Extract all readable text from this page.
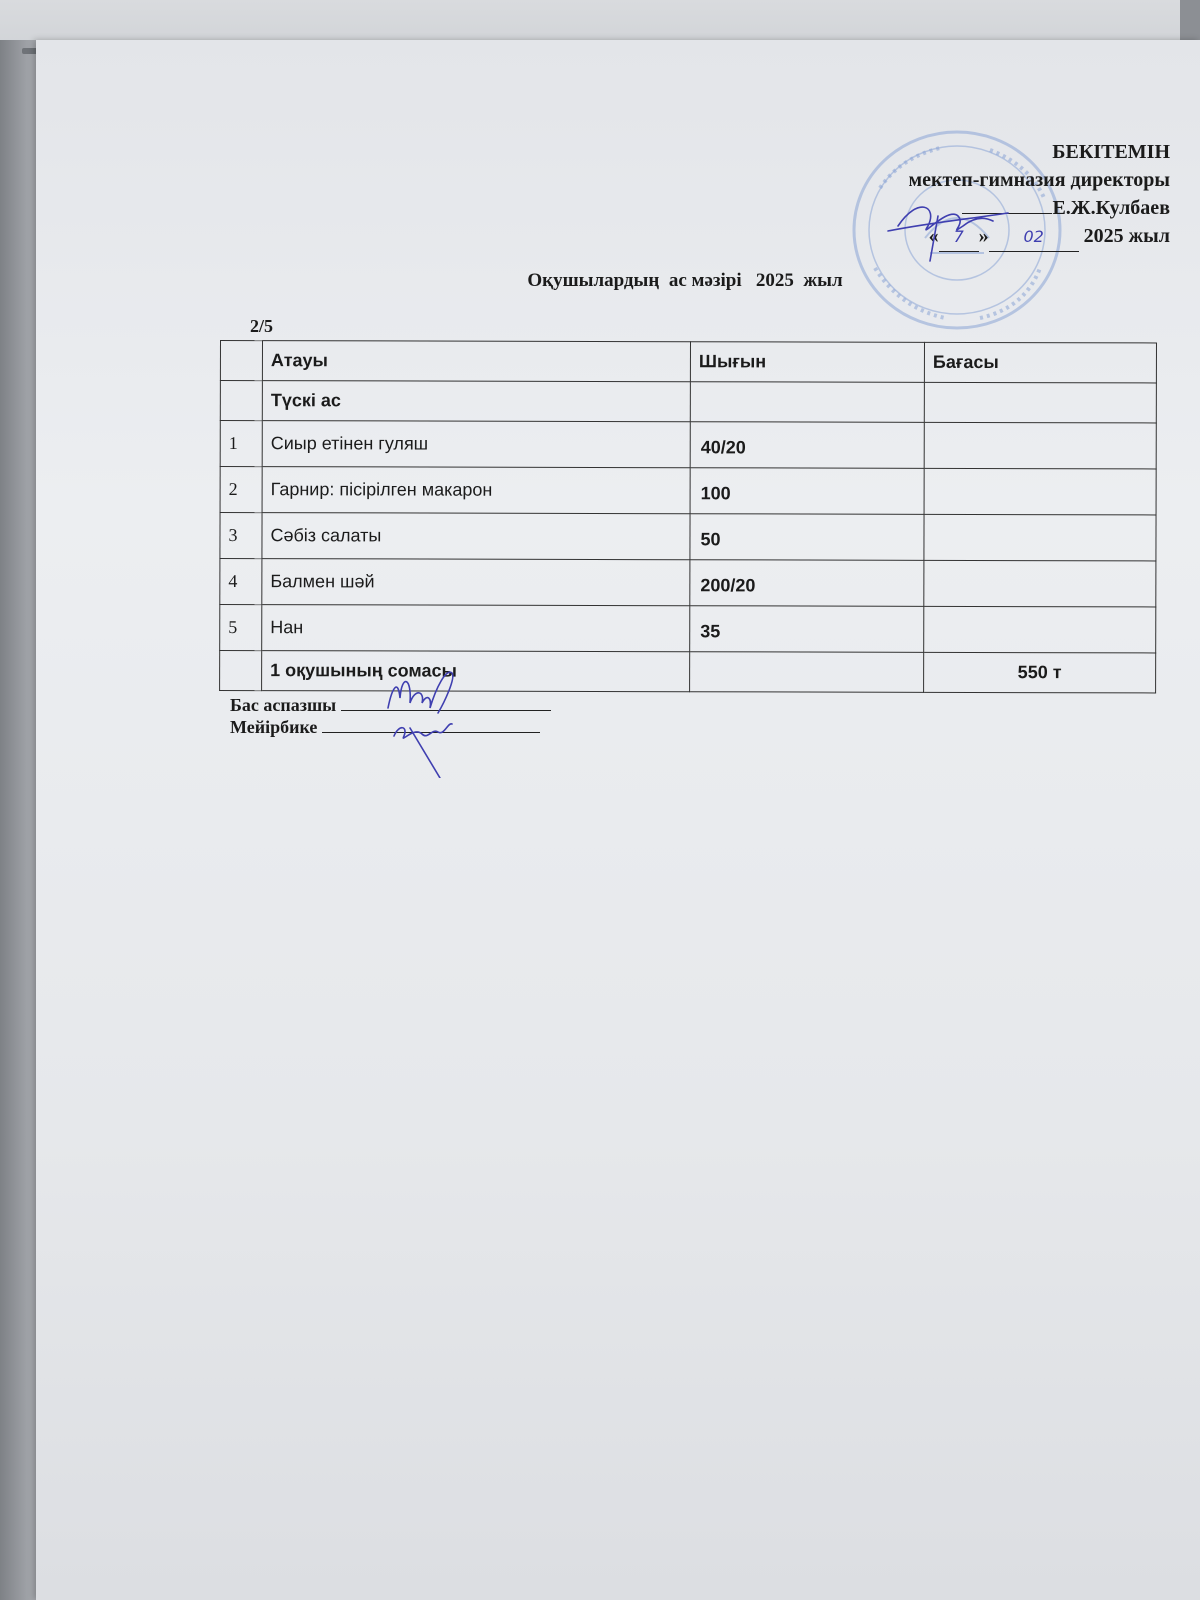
БЕКІТЕМІН
мектеп-гимназия директоры
Е.Ж.Кулбаев
« 7 » 02 2025 жыл
Оқушылардың  ас мәзірі   2025  жыл
2/5
	Атауы	Шығын	Бағасы
	Түскі ас		
1	Сиыр етінен гуляш	40/20	
2	Гарнир: пісірілген макарон	100	
3	Сәбіз салаты	50	
4	Балмен шәй	200/20	
5	Нан	35	
	1 оқушының сомасы		550 т
Бас аспазшы
Мейірбике
